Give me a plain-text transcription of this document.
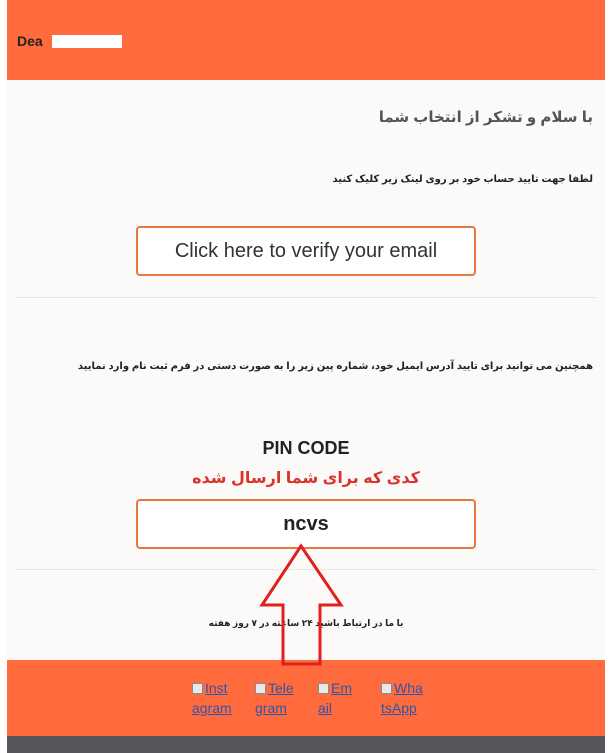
Dea
با سلام و تشکر از انتخاب شما
لطفا جهت تایید حساب خود بر روی لینک زیر کلیک کنید
Click here to verify your email
همچنین می توانید برای تایید آدرس ایمیل خود، شماره پین زیر را به صورت دستی در فرم ثبت نام وارد نمایید
PIN CODE
کدی که برای شما ارسال شده
ncvs
با ما در ارتباط باشید ۲۴ ساعته در ۷ روز هفته
Instagram
Telegram
Email
WhatsApp
